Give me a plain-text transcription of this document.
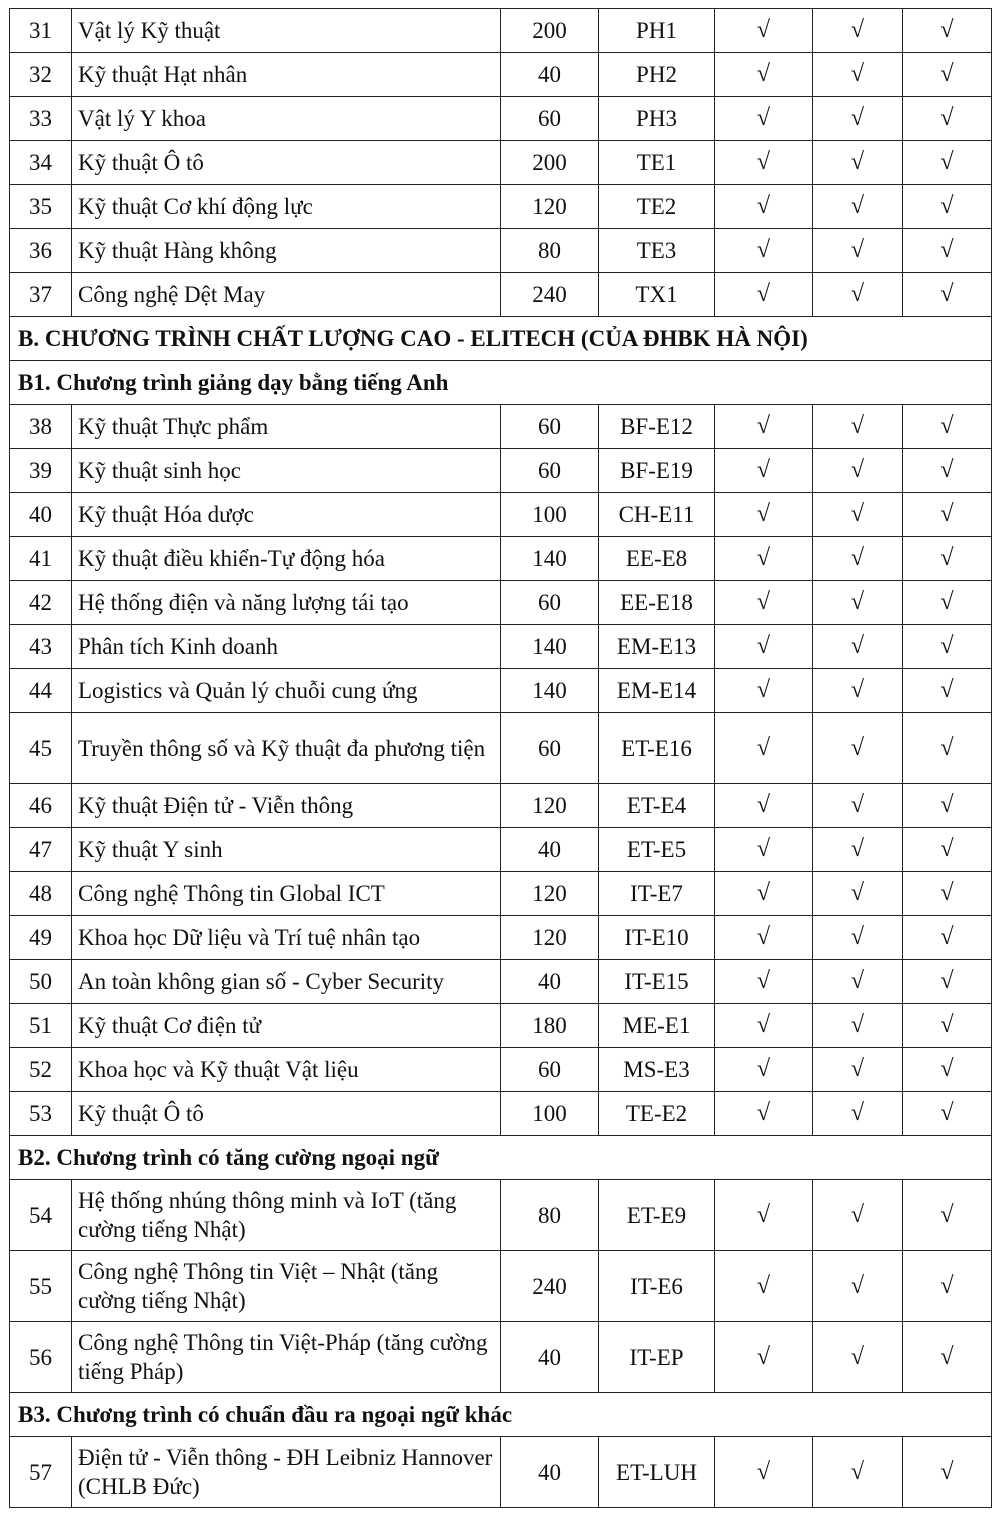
31	Vật lý Kỹ thuật	200	PH1	√	√	√
32	Kỹ thuật Hạt nhân	40	PH2	√	√	√
33	Vật lý Y khoa	60	PH3	√	√	√
34	Kỹ thuật Ô tô	200	TE1	√	√	√
35	Kỹ thuật Cơ khí động lực	120	TE2	√	√	√
36	Kỹ thuật Hàng không	80	TE3	√	√	√
37	Công nghệ Dệt May	240	TX1	√	√	√
B. CHƯƠNG TRÌNH CHẤT LƯỢNG CAO - ELITECH (CỦA ĐHBK HÀ NỘI)						
B1. Chương trình giảng dạy bằng tiếng Anh						
38	Kỹ thuật Thực phẩm	60	BF-E12	√	√	√
39	Kỹ thuật sinh học	60	BF-E19	√	√	√
40	Kỹ thuật Hóa dược	100	CH-E11	√	√	√
41	Kỹ thuật điều khiển-Tự động hóa	140	EE-E8	√	√	√
42	Hệ thống điện và năng lượng tái tạo	60	EE-E18	√	√	√
43	Phân tích Kinh doanh	140	EM-E13	√	√	√
44	Logistics và Quản lý chuỗi cung ứng	140	EM-E14	√	√	√
45	Truyền thông số và Kỹ thuật đa phương tiện	60	ET-E16	√	√	√
46	Kỹ thuật Điện tử - Viễn thông	120	ET-E4	√	√	√
47	Kỹ thuật Y sinh	40	ET-E5	√	√	√
48	Công nghệ Thông tin Global ICT	120	IT-E7	√	√	√
49	Khoa học Dữ liệu và Trí tuệ nhân tạo	120	IT-E10	√	√	√
50	An toàn không gian số - Cyber Security	40	IT-E15	√	√	√
51	Kỹ thuật Cơ điện tử	180	ME-E1	√	√	√
52	Khoa học và Kỹ thuật Vật liệu	60	MS-E3	√	√	√
53	Kỹ thuật Ô tô	100	TE-E2	√	√	√
B2. Chương trình có tăng cường ngoại ngữ						
54	Hệ thống nhúng thông minh và IoT (tăng cường tiếng Nhật)	80	ET-E9	√	√	√
55	Công nghệ Thông tin Việt – Nhật (tăng cường tiếng Nhật)	240	IT-E6	√	√	√
56	Công nghệ Thông tin Việt-Pháp (tăng cường tiếng Pháp)	40	IT-EP	√	√	√
B3. Chương trình có chuẩn đầu ra ngoại ngữ khác						
57	Điện tử - Viễn thông - ĐH Leibniz Hannover (CHLB Đức)	40	ET-LUH	√	√	√
